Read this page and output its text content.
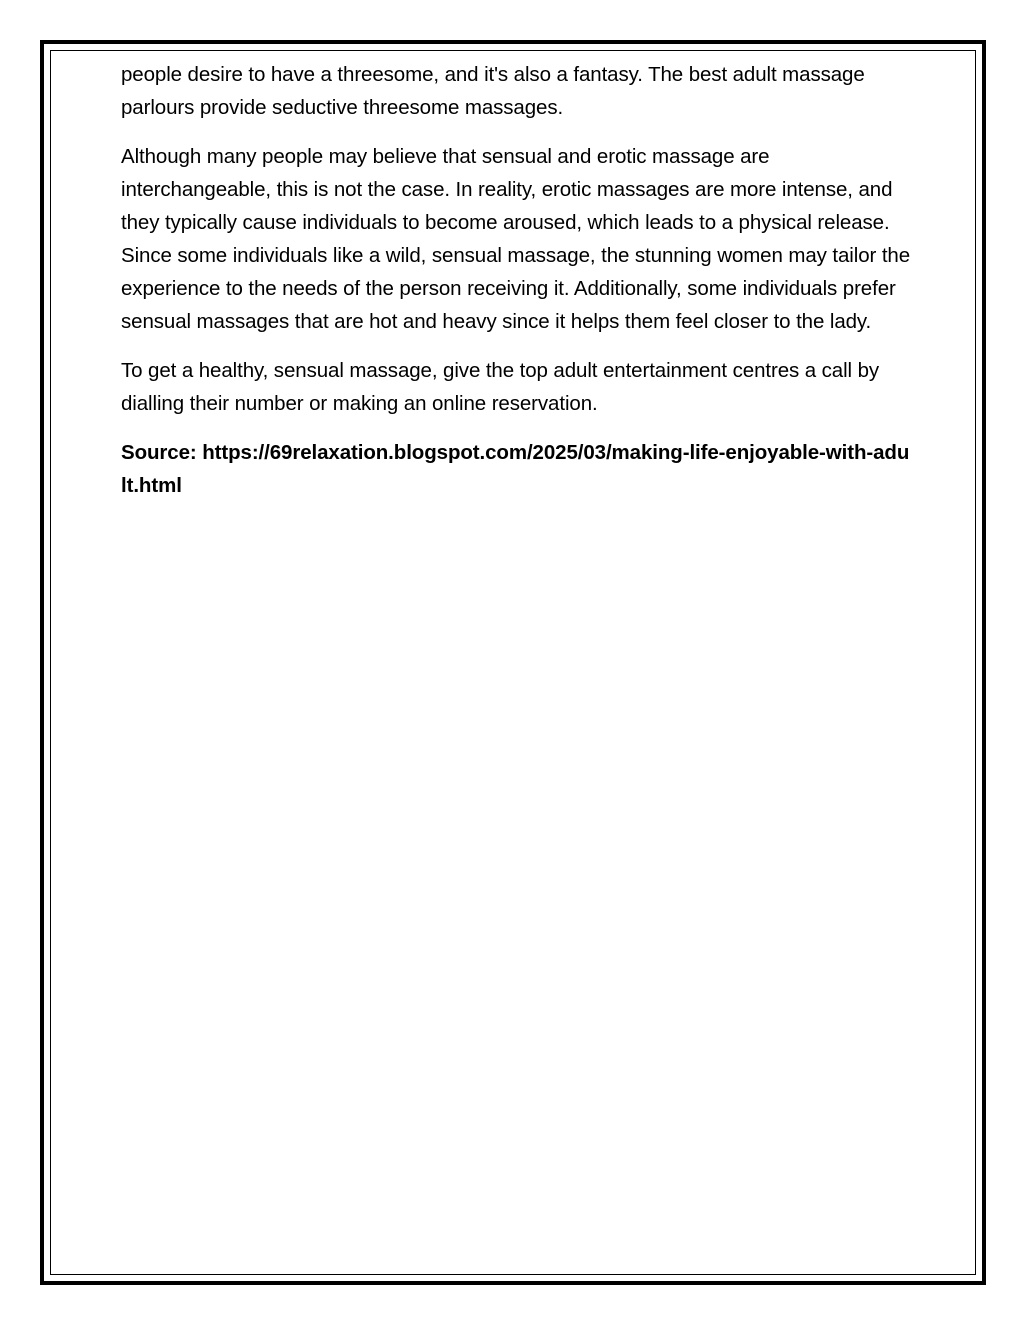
people desire to have a threesome, and it's also a fantasy. The best adult massage parlours provide seductive threesome massages.

Although many people may believe that sensual and erotic massage are interchangeable, this is not the case. In reality, erotic massages are more intense, and they typically cause individuals to become aroused, which leads to a physical release. Since some individuals like a wild, sensual massage, the stunning women may tailor the experience to the needs of the person receiving it. Additionally, some individuals prefer sensual massages that are hot and heavy since it helps them feel closer to the lady.

To get a healthy, sensual massage, give the top adult entertainment centres a call by dialling their number or making an online reservation.

Source: https://69relaxation.blogspot.com/2025/03/making-life-enjoyable-with-adult.html
